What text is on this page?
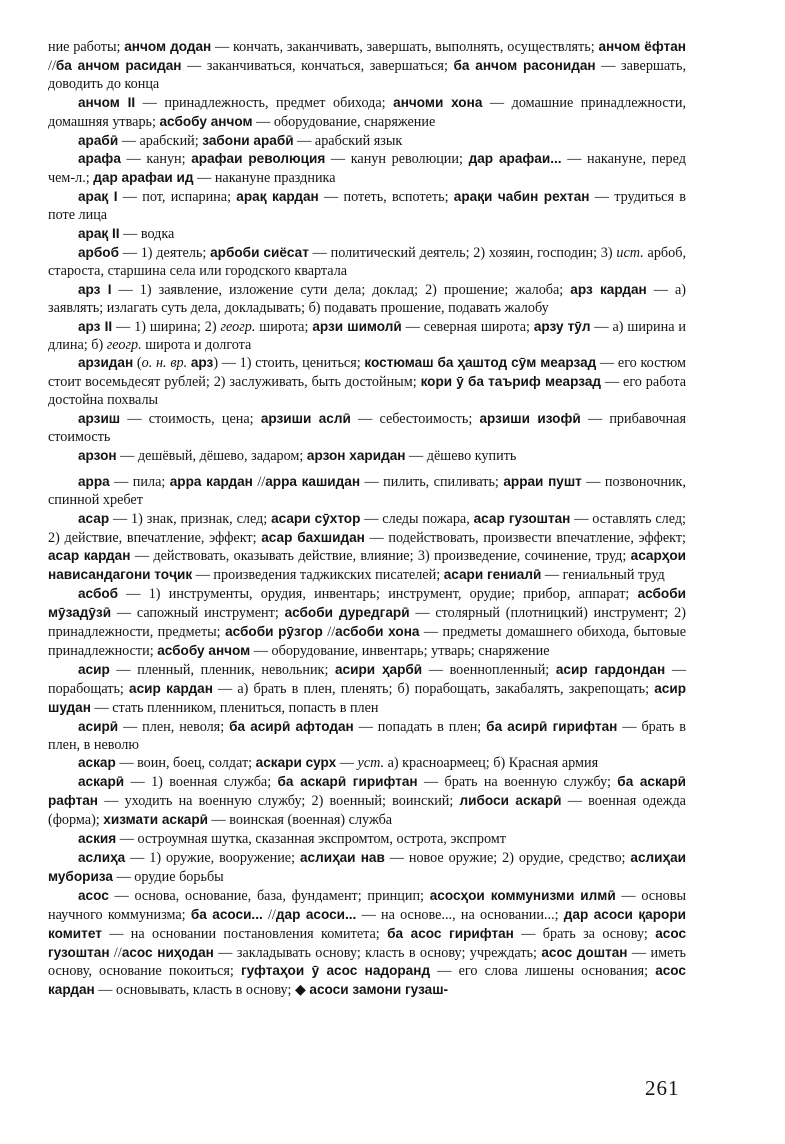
ние работы; анчом додан — кончать, заканчивать, завершать, выполнять, осуществлять; анчом ёфтан //ба анчом расидан — заканчиваться, кончаться, завершаться; ба анчом расонидан — завершать, доводить до конца

анчом II — принадлежность, предмет обихода; анчоми хона — домашние принадлежности, домашняя утварь; асбобу анчом — оборудование, снаряжение

арабӣ — арабский; забони арабӣ — арабский язык

арафа — канун; арафаи революция — канун революции; дар арафаи... — накануне, перед чем-л.; дар арафаи ид — накануне праздника

арақ I — пот, испарина; арақ кардан — потеть, вспотеть; арақи чабин рехтан — трудиться в поте лица

арақ II — водка

арбоб — 1) деятель; арбоби сиёсат — политический деятель; 2) хозяин, господин; 3) ист. арбоб, староста, старшина села или городского квартала

арз I — 1) заявление, изложение сути дела; доклад; 2) прошение; жалоба; арз кардан — а) заявлять; излагать суть дела, докладывать; б) подавать прошение, подавать жалобу

арз II — 1) ширина; 2) геогр. широта; арзи шимолӣ — северная широта; арзу тӯл — а) ширина и длина; б) геогр. широта и долгота

арзидан (о. н. вр. арз) — 1) стоить, цениться; костюмаш ба ҳаштод сӯм меарзад — его костюм стоит восемьдесят рублей; 2) заслуживать, быть достойным; кори ӯ ба таъриф меарзад — его работа достойна похвалы

арзиш — стоимость, цена; арзиши аслӣ — себестоимость; арзиши изофӣ — прибавочная стоимость

арзон — дешёвый, дёшево, задаром; арзон харидан — дёшево купить

арра — пила; арра кардан //арра кашидан — пилить, спиливать; арраи пушт — позвоночник, спинной хребет

асар — 1) знак, признак, след; асари сӯхтор — следы пожара, асар гузоштан — оставлять след; 2) действие, впечатление, эффект; асар бахшидан — подействовать, произвести впечатление, эффект; асар кардан — действовать, оказывать действие, влияние; 3) произведение, сочинение, труд; асарҳои нависандагони тоҷик — произведения таджикских писателей; асари гениалӣ — гениальный труд

асбоб — 1) инструменты, орудия, инвентарь; инструмент, орудие; прибор, аппарат; асбоби мӯзадӯзӣ — сапожный инструмент; асбоби дуредгарӣ — столярный (плотницкий) инструмент; 2) принадлежности, предметы; асбоби рӯзгор //асбоби хона — предметы домашнего обихода, бытовые принадлежности; асбобу анчом — оборудование, инвентарь; утварь; снаряжение

асир — пленный, пленник, невольник; асири ҳарбӣ — военнопленный; асир гардондан — порабощать; асир кардан — а) брать в плен, пленять; б) порабощать, закабалять, закрепощать; асир шудан — стать пленником, плениться, попасть в плен

асирӣ — плен, неволя; ба асирӣ афтодан — попадать в плен; ба асирӣ гирифтан — брать в плен, в неволю

аскар — воин, боец, солдат; аскари сурх — уст. а) красноармеец; б) Красная армия

аскарӣ — 1) военная служба; ба аскарӣ гирифтан — брать на военную службу; ба аскарӣ рафтан — уходить на военную службу; 2) военный; воинский; либоси аскарӣ — военная одежда (форма); хизмати аскарӣ — воинская (военная) служба

аския — остроумная шутка, сказанная экспромтом, острота, экспромт

аслиҳа — 1) оружие, вооружение; аслиҳаи нав — новое оружие; 2) орудие, средство; аслиҳаи мубориза — орудие борьбы

асос — основа, основание, база, фундамент; принцип; асосҳои коммунизми илмӣ — основы научного коммунизма; ба асоси... //дар асоси... — на основе..., на основании...; дар асоси қарори комитет — на основании постановления комитета; ба асос гирифтан — брать за основу; асос гузоштан //асос ниҳодан — закладывать основу; класть в основу; учреждать; асос доштан — иметь основу, основание покоиться; гуфтаҳои ӯ асос надоранд — его слова лишены основания; асос кардан — основывать, класть в основу; ◆ асоси замони гузаш-

261
